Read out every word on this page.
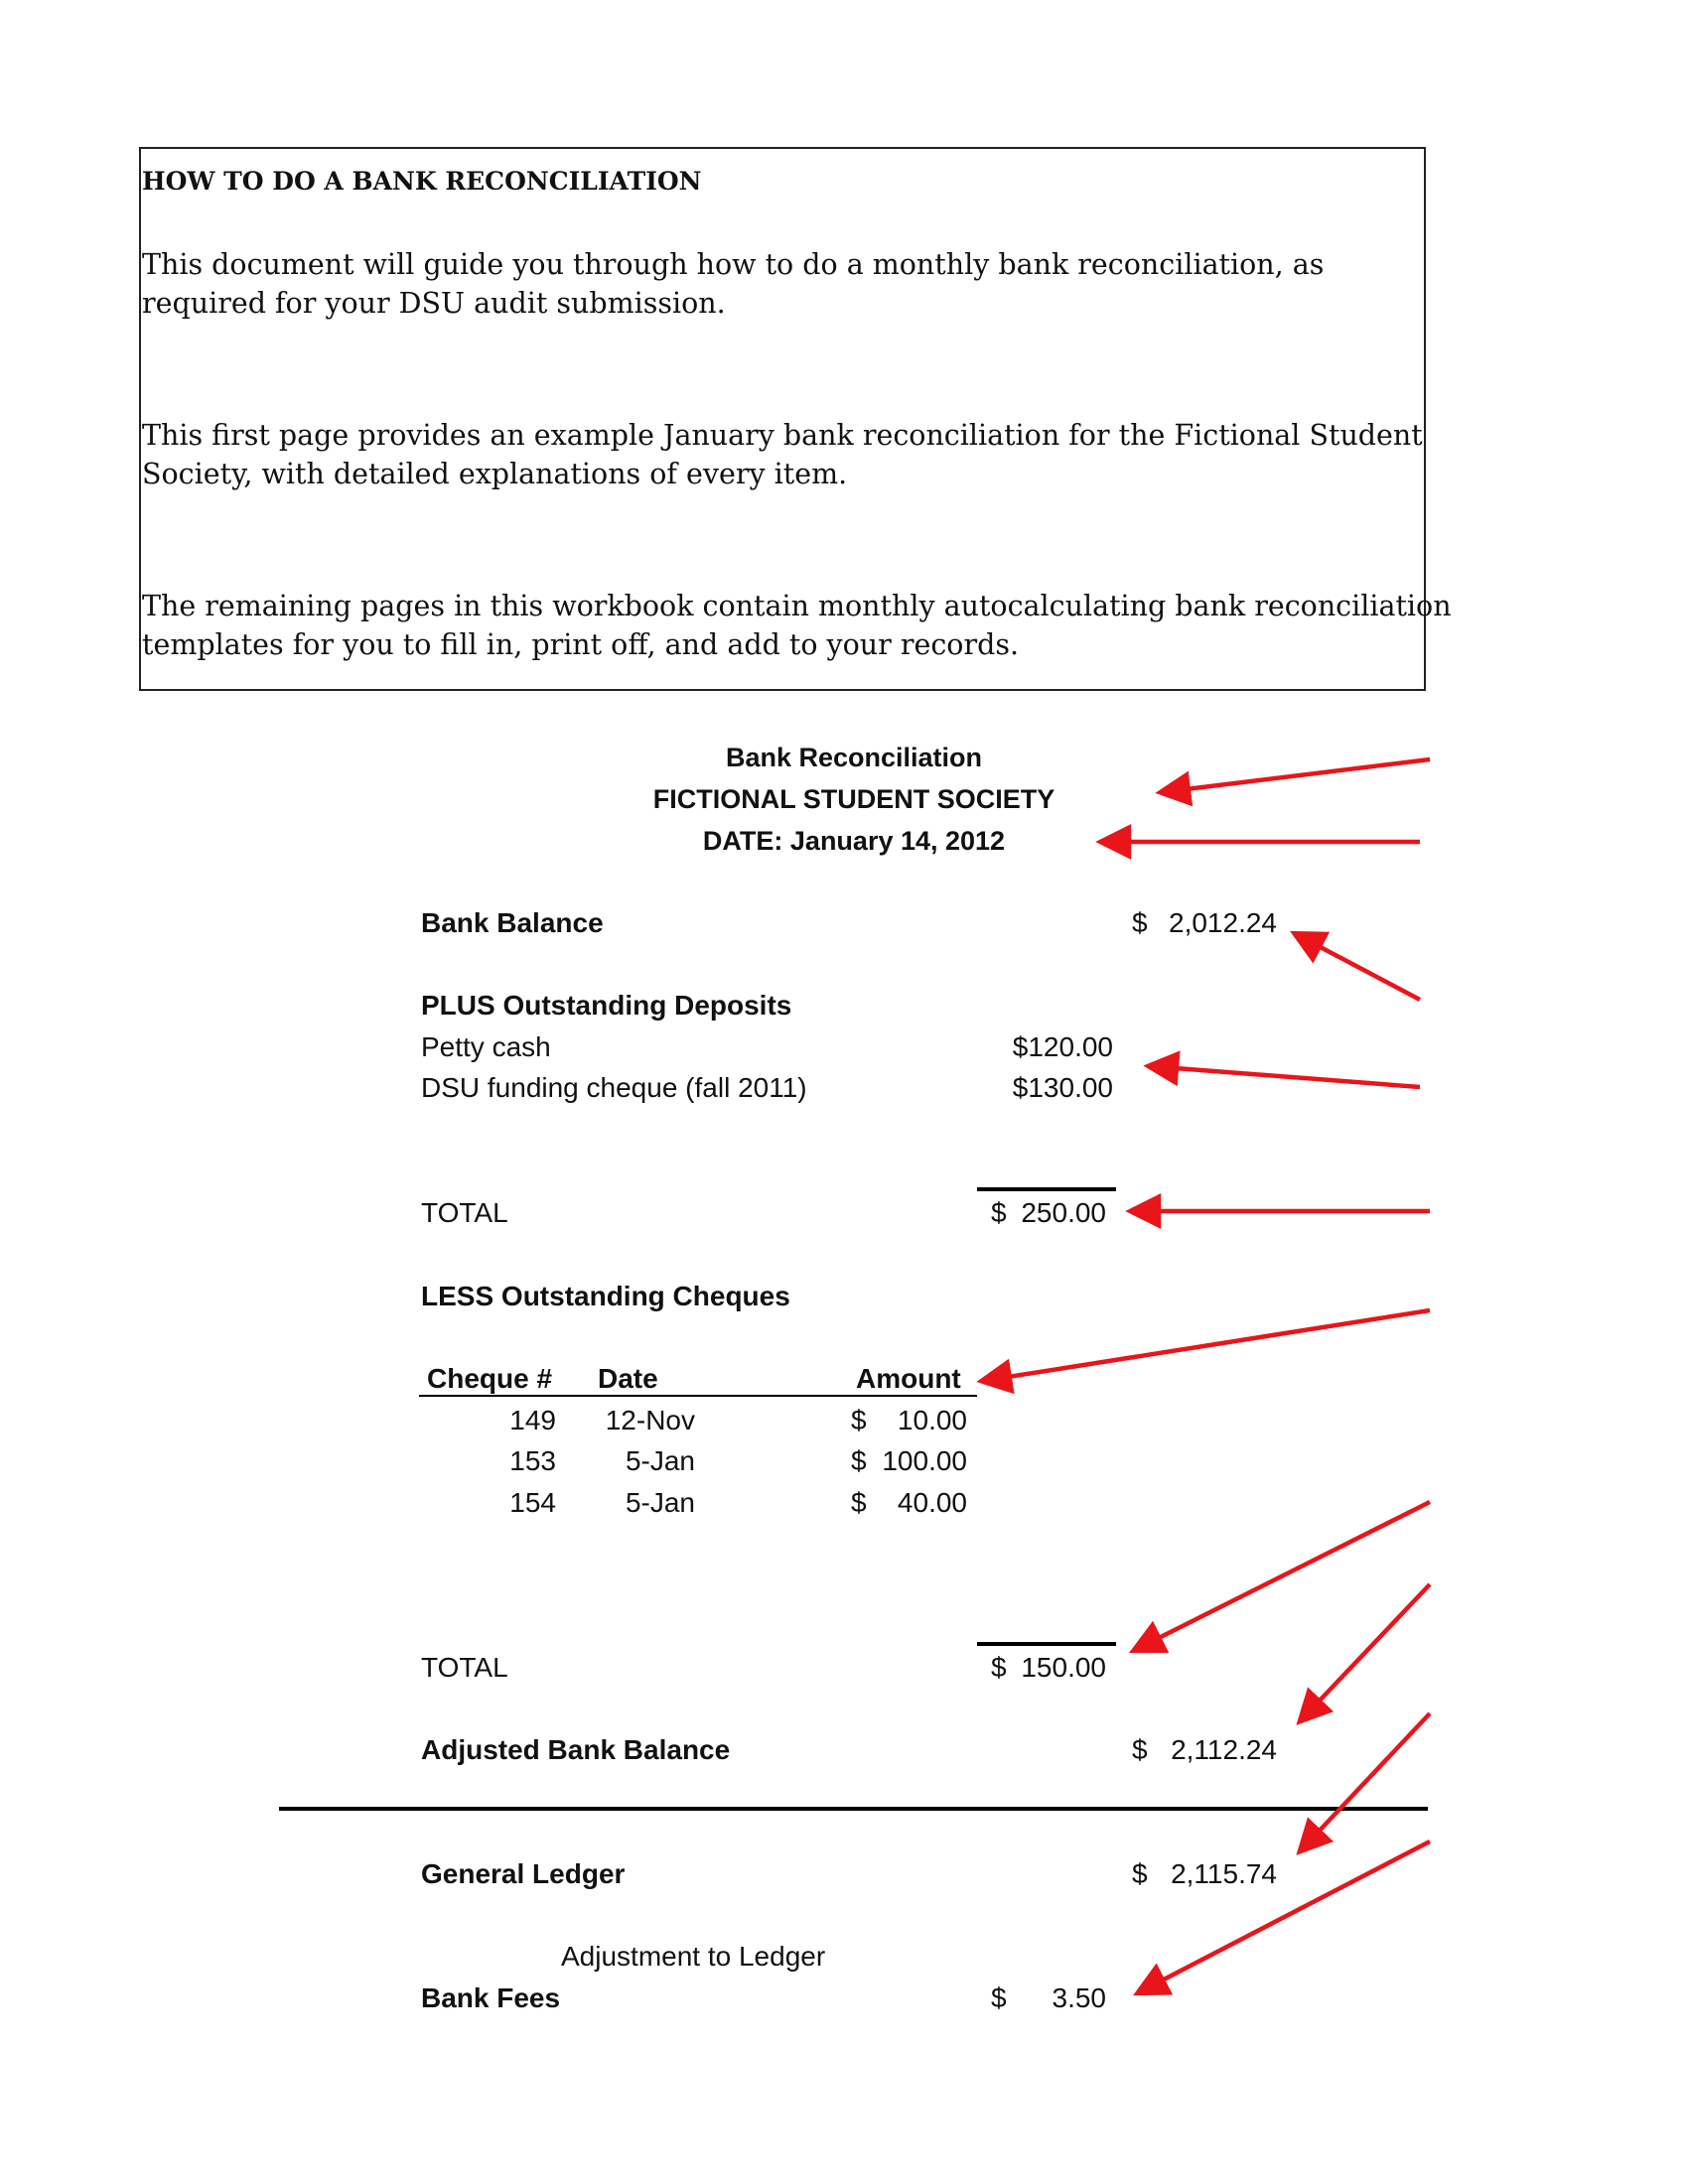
HOW TO DO A BANK RECONCILIATION
This document will guide you through how to do a monthly bank reconciliation, as
required for your DSU audit submission.
This first page provides an example January bank reconciliation for the Fictional Student
Society, with detailed explanations of every item.
The remaining pages in this workbook contain monthly autocalculating bank reconciliation
templates for you to fill in, print off, and add to your records.
Bank Reconciliation
FICTIONAL STUDENT SOCIETY
DATE: January 14, 2012
Bank Balance	$ 2,012.24
PLUS Outstanding Deposits
Petty cash	$120.00
DSU funding cheque (fall 2011)	$130.00
TOTAL	$ 250.00
LESS Outstanding Cheques
Cheque # Date	Amount
149	12-Nov	$	10.00
153	5-Jan	$ 100.00
154	5-Jan	$	40.00
TOTAL	$ 150.00
Adjusted Bank Balance	$ 2,112.24
General Ledger	$ 2,115.74
Adjustment to Ledger
Bank Fees	$	3.50
